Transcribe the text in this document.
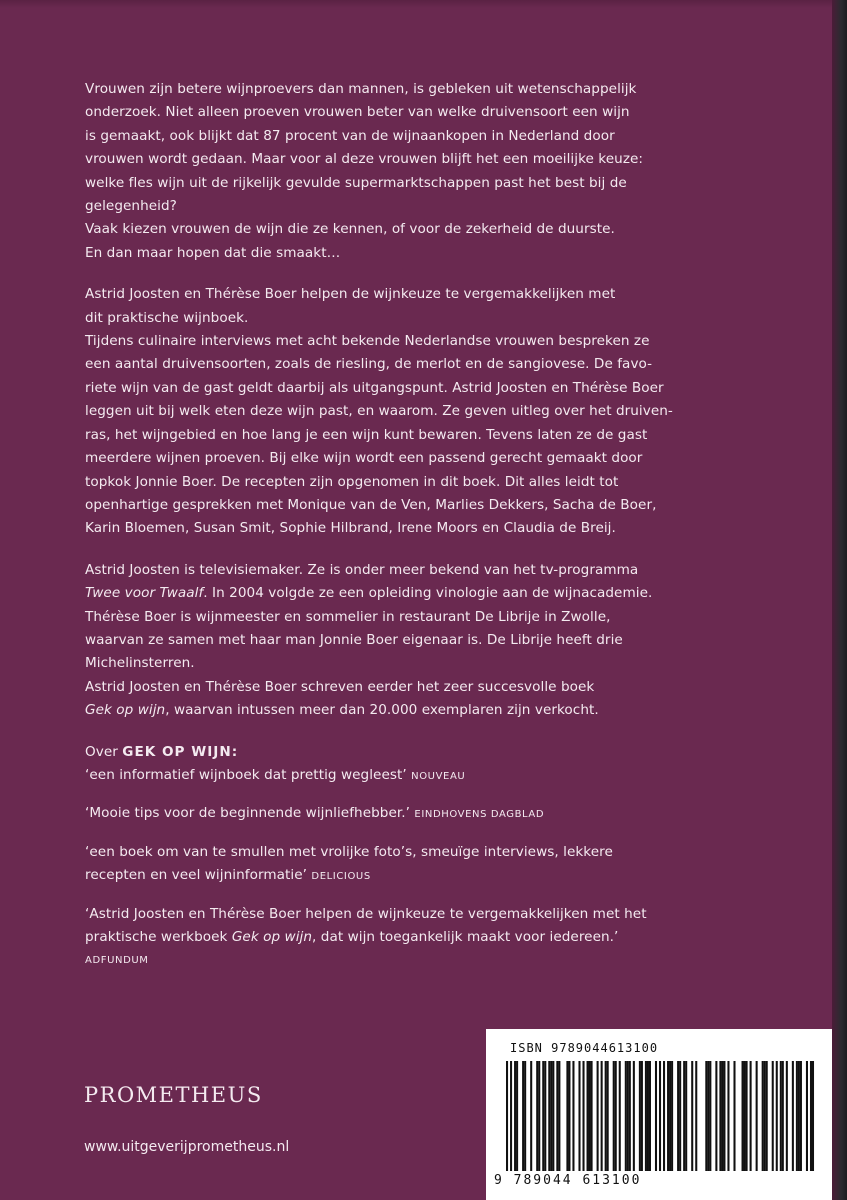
Vrouwen zijn betere wijnproevers dan mannen, is gebleken uit wetenschappelijk

onderzoek. Niet alleen proeven vrouwen beter van welke druivensoort een wijn

is gemaakt, ook blijkt dat 87 procent van de wijnaankopen in Nederland door

vrouwen wordt gedaan. Maar voor al deze vrouwen blijft het een moeilijke keuze:

welke fles wijn uit de rijkelijk gevulde supermarktschappen past het best bij de

gelegenheid?

Vaak kiezen vrouwen de wijn die ze kennen, of voor de zekerheid de duurste.

En dan maar hopen dat die smaakt…

Astrid Joosten en Thérèse Boer helpen de wijnkeuze te vergemakkelijken met

dit praktische wijnboek.

Tijdens culinaire interviews met acht bekende Nederlandse vrouwen bespreken ze

een aantal druivensoorten, zoals de riesling, de merlot en de sangiovese. De favo-

riete wijn van de gast geldt daarbij als uitgangspunt. Astrid Joosten en Thérèse Boer

leggen uit bij welk eten deze wijn past, en waarom. Ze geven uitleg over het druiven-

ras, het wijngebied en hoe lang je een wijn kunt bewaren. Tevens laten ze de gast

meerdere wijnen proeven. Bij elke wijn wordt een passend gerecht gemaakt door

topkok Jonnie Boer. De recepten zijn opgenomen in dit boek. Dit alles leidt tot

openhartige gesprekken met Monique van de Ven, Marlies Dekkers, Sacha de Boer,

Karin Bloemen, Susan Smit, Sophie Hilbrand, Irene Moors en Claudia de Breij.

Astrid Joosten is televisiemaker. Ze is onder meer bekend van het tv-programma

Twee voor Twaalf. In 2004 volgde ze een opleiding vinologie aan de wijnacademie.

Thérèse Boer is wijnmeester en sommelier in restaurant De Librije in Zwolle,

waarvan ze samen met haar man Jonnie Boer eigenaar is. De Librije heeft drie

Michelinsterren.

Astrid Joosten en Thérèse Boer schreven eerder het zeer succesvolle boek

Gek op wijn, waarvan intussen meer dan 20.000 exemplaren zijn verkocht.

Over GEK OP WIJN:

‘een informatief wijnboek dat prettig wegleest’ NOUVEAU

‘Mooie tips voor de beginnende wijnliefhebber.’ EINDHOVENS DAGBLAD

‘een boek om van te smullen met vrolijke foto’s, smeuïge interviews, lekkere

recepten en veel wijninformatie’ DELICIOUS

‘Astrid Joosten en Thérèse Boer helpen de wijnkeuze te vergemakkelijken met het

praktische werkboek Gek op wijn, dat wijn toegankelijk maakt voor iedereen.’

ADFUNDUM

PROMETHEUS
www.uitgeverijprometheus.nl
ISBN 9789044613100
9 789044 613100
